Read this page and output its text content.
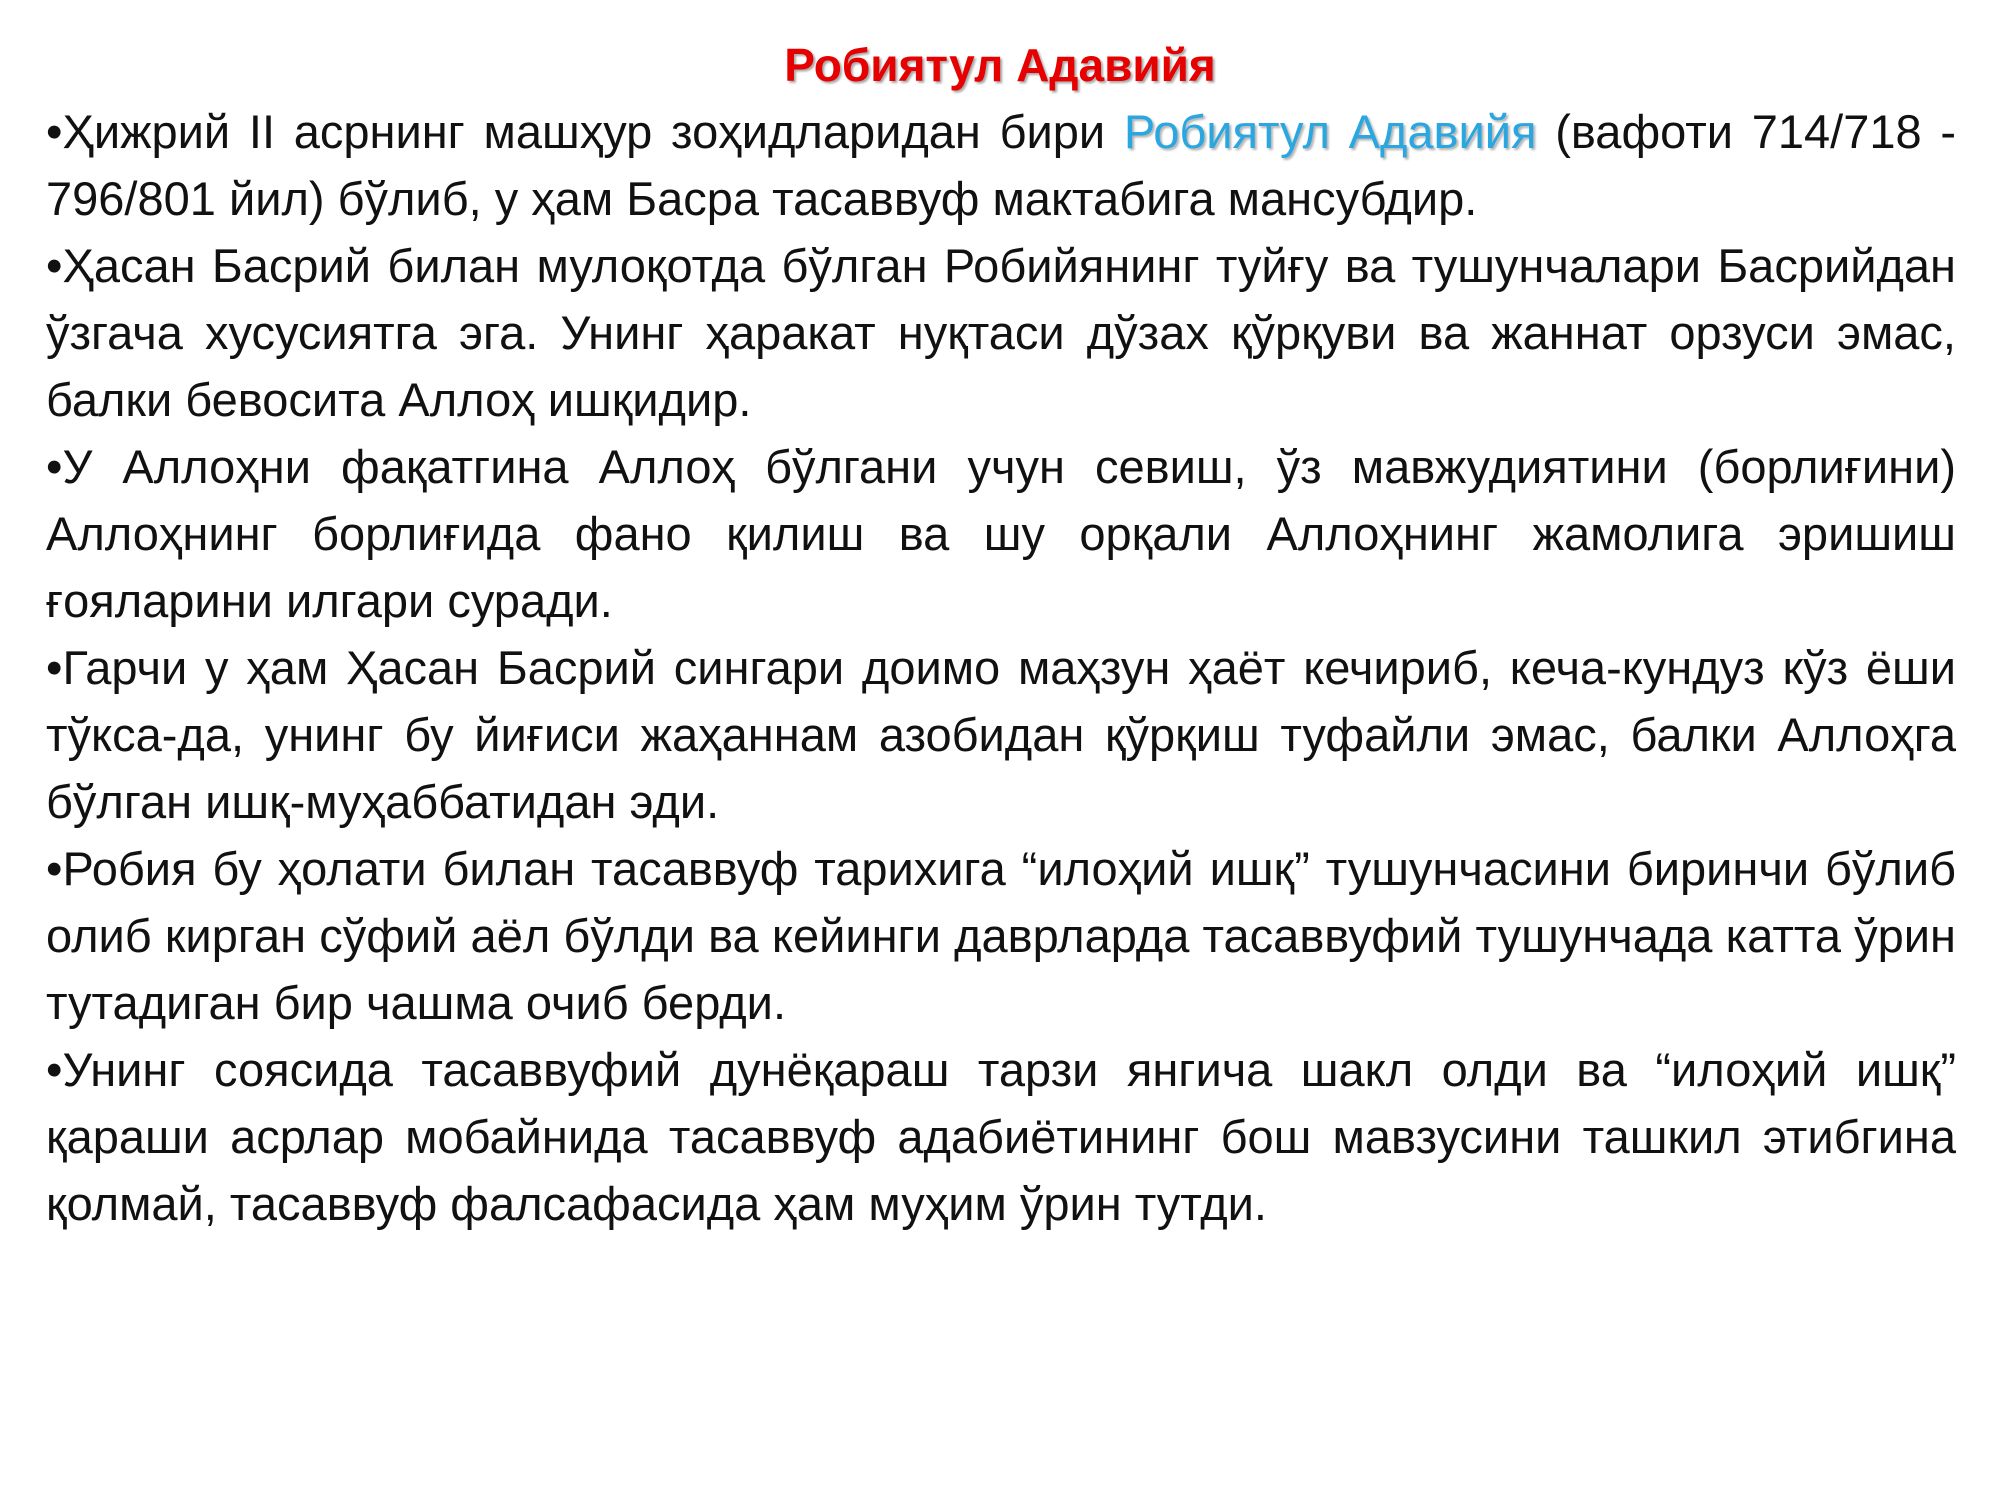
Робиятул Адавийя

•Ҳижрий II асрнинг машҳур зоҳидларидан бири Робиятул Адавийя (вафоти 714/718 - 796/801 йил) бўлиб, у ҳам Басра тасаввуф мактабига мансубдир.

•Ҳасан Басрий билан мулоқотда бўлган Робийянинг туйғу ва тушунчалари Басрийдан ўзгача хусусиятга эга. Унинг ҳаракат нуқтаси дўзах қўрқуви ва жаннат орзуси эмас, балки бевосита Аллоҳ ишқидир.

•У Аллоҳни фақатгина Аллоҳ бўлгани учун севиш, ўз мавжудиятини (борлиғини) Аллоҳнинг борлиғида фано қилиш ва шу орқали Аллоҳнинг жамолига эришиш ғояларини илгари суради.

•Гарчи у ҳам Ҳасан Басрий сингари доимо маҳзун ҳаёт кечириб, кеча-кундуз кўз ёши тўкса-да, унинг бу йиғиси жаҳаннам азобидан қўрқиш туфайли эмас, балки Аллоҳга бўлган ишқ-муҳаббатидан эди.

•Робия бу ҳолати билан тасаввуф тарихига “илоҳий ишқ” тушунчасини биринчи бўлиб олиб кирган сўфий аёл бўлди ва кейинги даврларда тасаввуфий тушунчада катта ўрин тутадиган бир чашма очиб берди.

•Унинг соясида тасаввуфий дунёқараш тарзи янгича шакл олди ва “илоҳий ишқ” қараши асрлар мобайнида тасаввуф адабиётининг бош мавзусини ташкил этибгина қолмай, тасаввуф фалсафасида ҳам муҳим ўрин тутди.
